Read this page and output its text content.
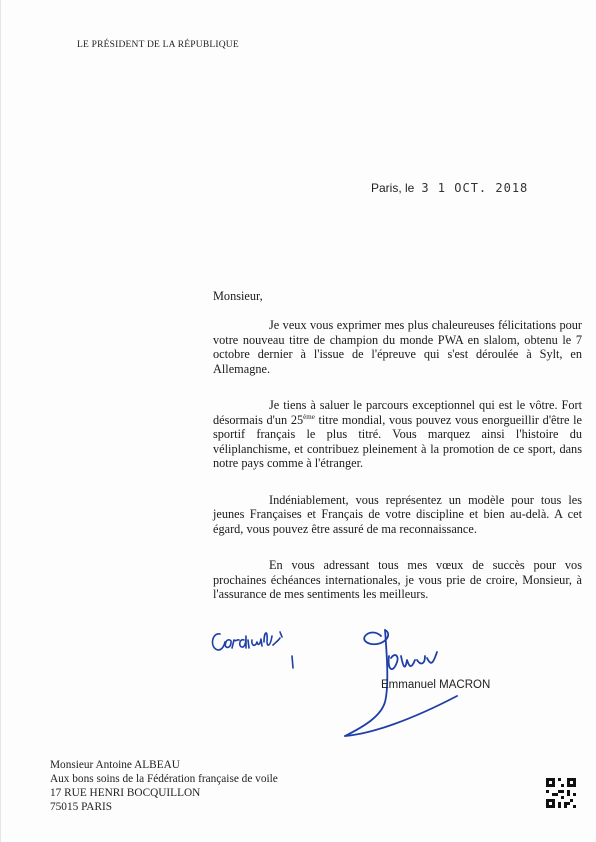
LE PRÉSIDENT DE LA RÉPUBLIQUE
Paris, le 3 1 OCT. 2018
Monsieur,

Je veux vous exprimer mes plus chaleureuses félicitations pour votre nouveau titre de champion du monde PWA en slalom, obtenu le 7 octobre dernier à l'issue de l'épreuve qui s'est déroulée à Sylt, en Allemagne.

Je tiens à saluer le parcours exceptionnel qui est le vôtre. Fort désormais d'un 25ème titre mondial, vous pouvez vous enorgueillir d'être le sportif français le plus titré. Vous marquez ainsi l'histoire du véliplanchisme, et contribuez pleinement à la promotion de ce sport, dans notre pays comme à l'étranger.

Indéniablement, vous représentez un modèle pour tous les jeunes Françaises et Français de votre discipline et bien au-delà. A cet égard, vous pouvez être assuré de ma reconnaissance.

En vous adressant tous mes vœux de succès pour vos prochaines échéances internationales, je vous prie de croire, Monsieur, à l'assurance de mes sentiments les meilleurs.

Emmanuel MACRON
Monsieur Antoine ALBEAU
Aux bons soins de la Fédération française de voile
17 RUE HENRI BOCQUILLON
75015 PARIS
